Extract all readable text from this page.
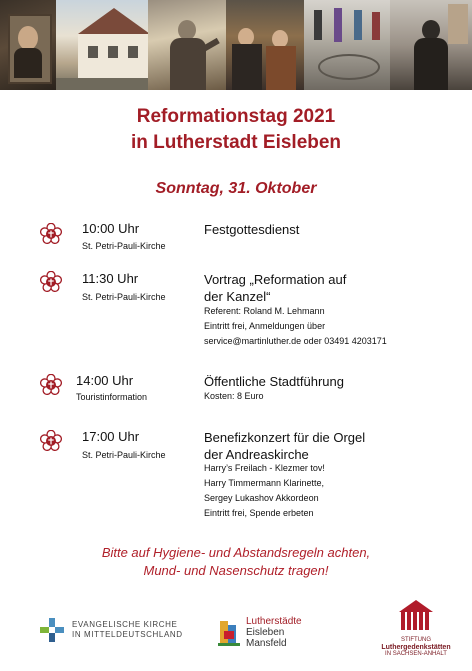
Reformationstag 2021
in Lutherstadt Eisleben
Sonntag, 31. Oktober
10:00 Uhr
St. Petri-Pauli-Kirche
Festgottesdienst
11:30 Uhr
St. Petri-Pauli-Kirche
Vortrag „Reformation auf
der Kanzel“
Referent: Roland M. Lehmann
Eintritt frei, Anmeldungen über
service@martinluther.de oder 03491 4203171
14:00 Uhr
Touristinformation
Öffentliche Stadtführung
Kosten: 8 Euro
17:00 Uhr
St. Petri-Pauli-Kirche
Benefizkonzert für die Orgel
der Andreaskirche
Harry’s Freilach - Klezmer tov!
Harry Timmermann Klarinette,
Sergey Lukashov Akkordeon
Eintritt frei, Spende erbeten
Bitte auf Hygiene- und Abstandsregeln achten,
Mund- und Nasenschutz tragen!
EVANGELISCHE KIRCHE
IN MITTELDEUTSCHLAND
Lutherstädte
Eisleben
Mansfeld	STIFTUNG
Luthergedenkstätten
IN SACHSEN-ANHALT
